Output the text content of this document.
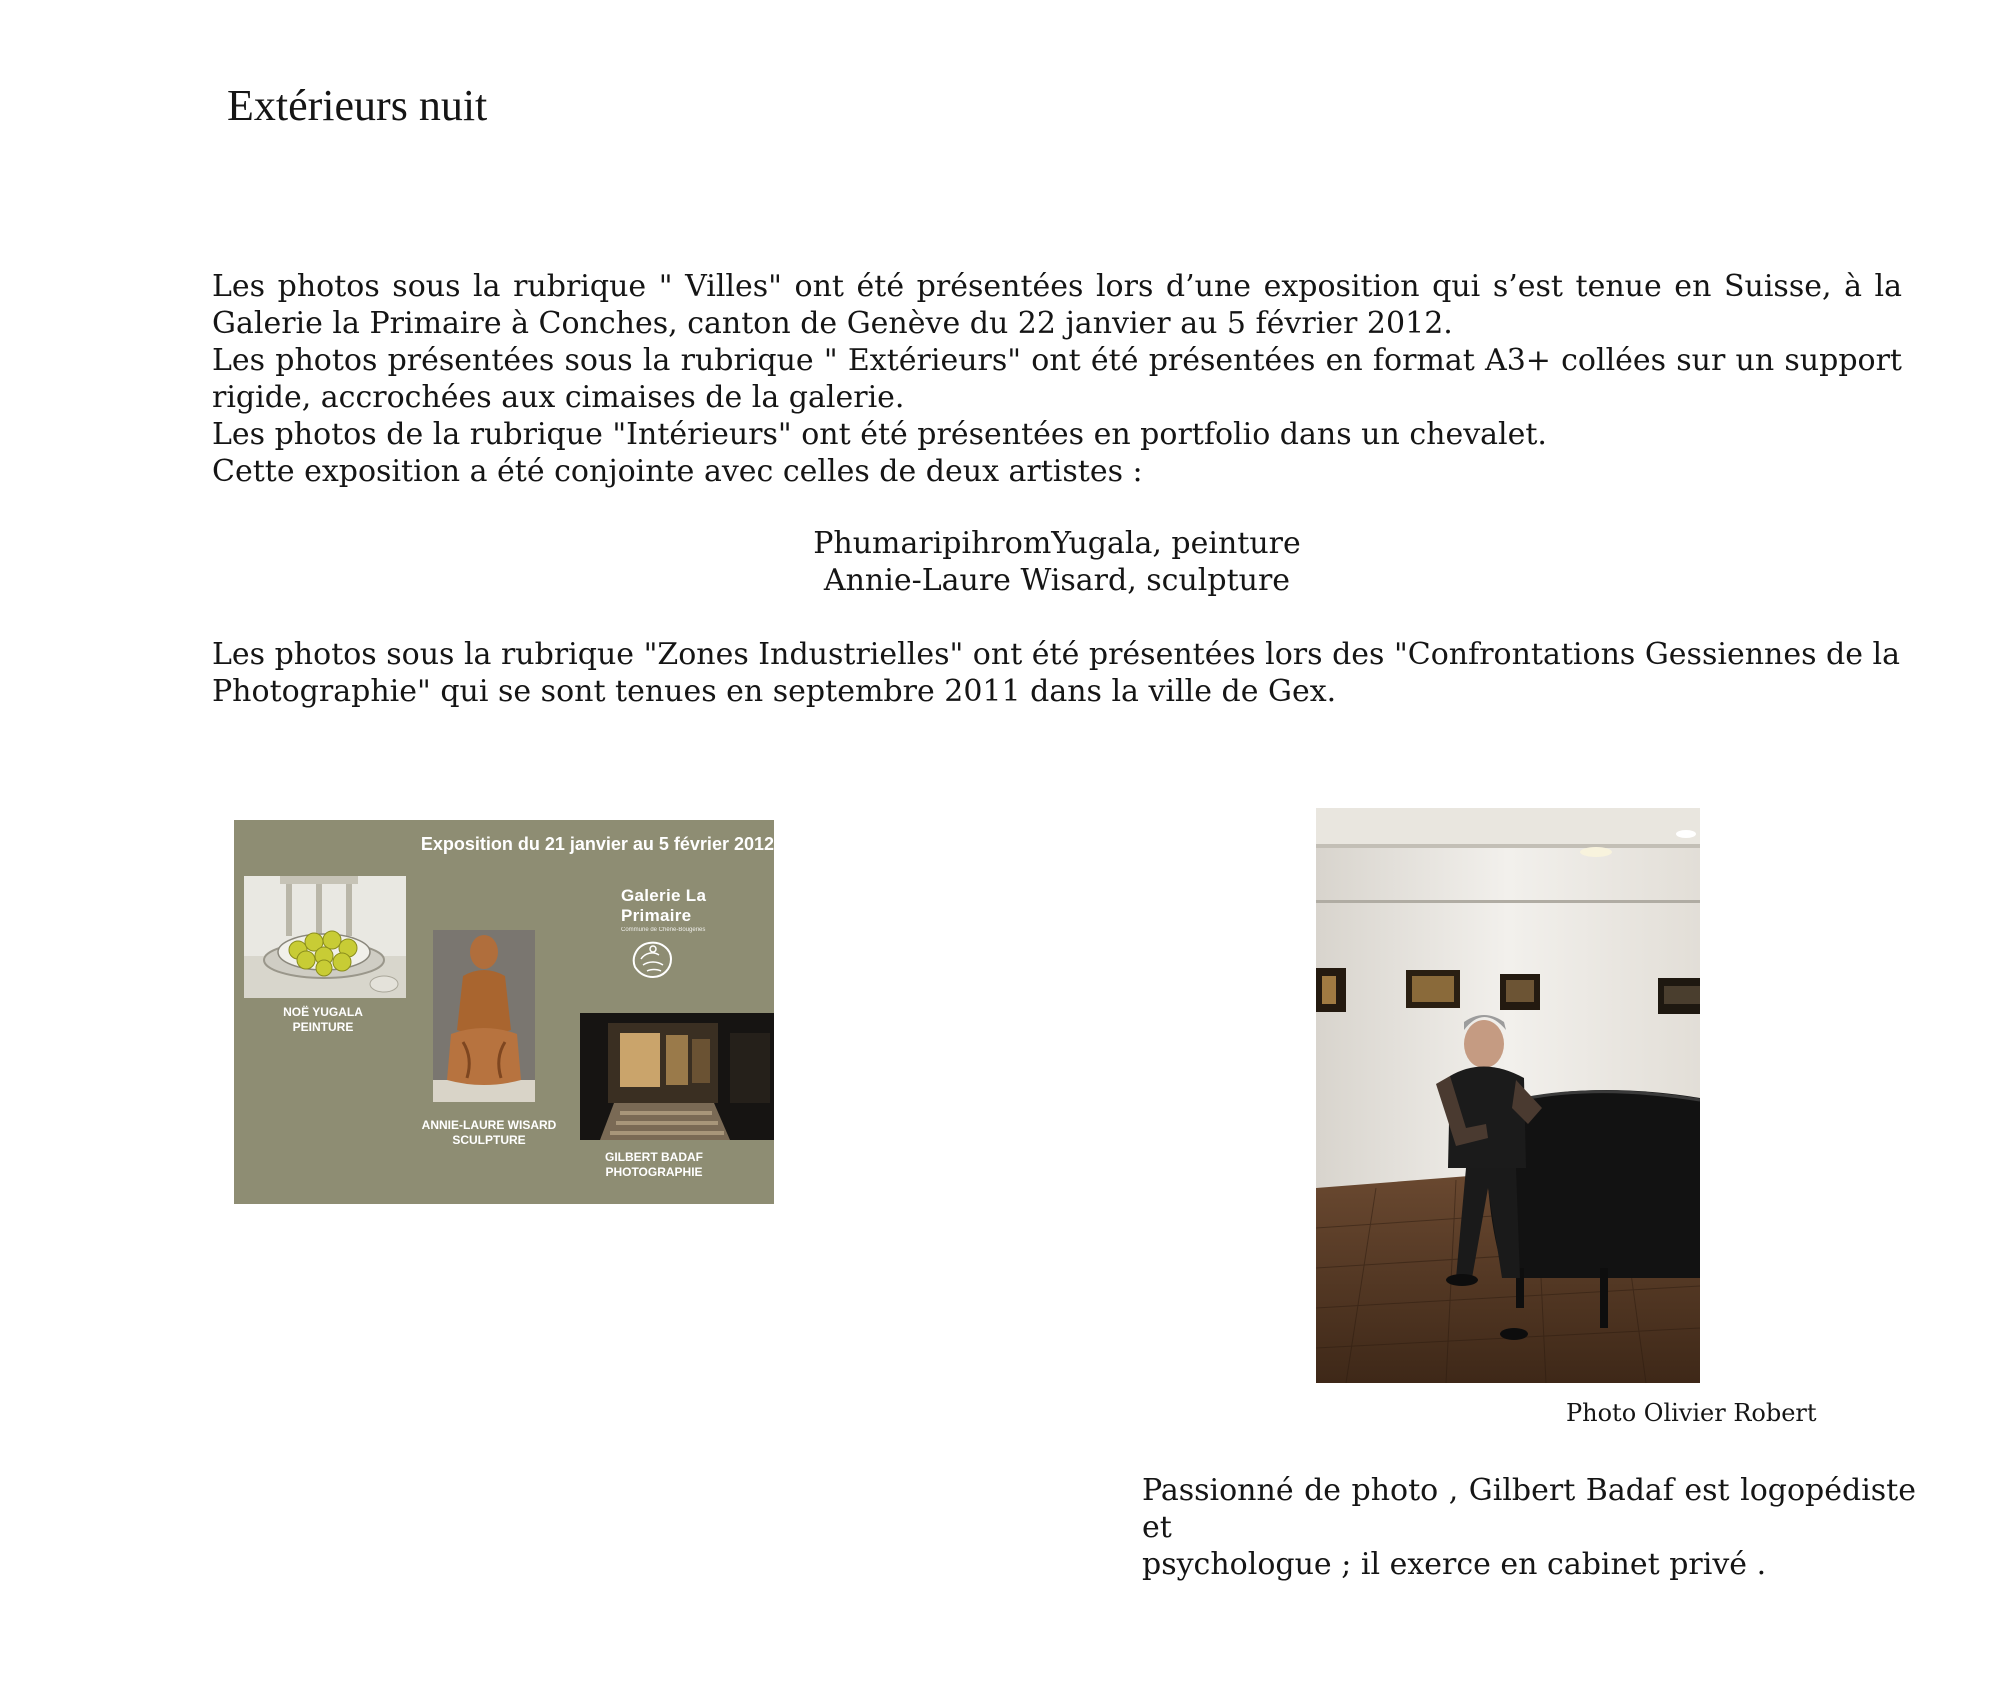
Extérieurs nuit

Les photos sous la rubrique " Villes" ont été présentées lors d’une exposition qui s’est tenue en Suisse, à la Galerie la Primaire à Conches, canton de Genève du 22 janvier au 5 février 2012.

Les photos présentées sous la rubrique " Extérieurs" ont été présentées en format A3+ collées sur un support rigide, accrochées aux cimaises de la galerie.

Les photos de la rubrique "Intérieurs" ont été présentées en portfolio dans un chevalet.

Cette exposition a été conjointe avec celles de deux artistes :

PhumaripihromYugala, peinture
Annie-Laure Wisard, sculpture

Les photos sous la rubrique "Zones Industrielles" ont été présentées lors des "Confrontations Gessiennes de la Photographie" qui se sont tenues en septembre 2011 dans la ville de Gex.

Exposition du 21 janvier au 5 février 2012
Galerie La Primaire
Commune de Chêne-Bougeries
NOË YUGALA
PEINTURE
ANNIE-LAURE WISARD
SCULPTURE
GILBERT BADAF
PHOTOGRAPHIE
Photo Olivier Robert

Passionné de photo , Gilbert Badaf est logopédiste et

psychologue ; il exerce en cabinet privé .
